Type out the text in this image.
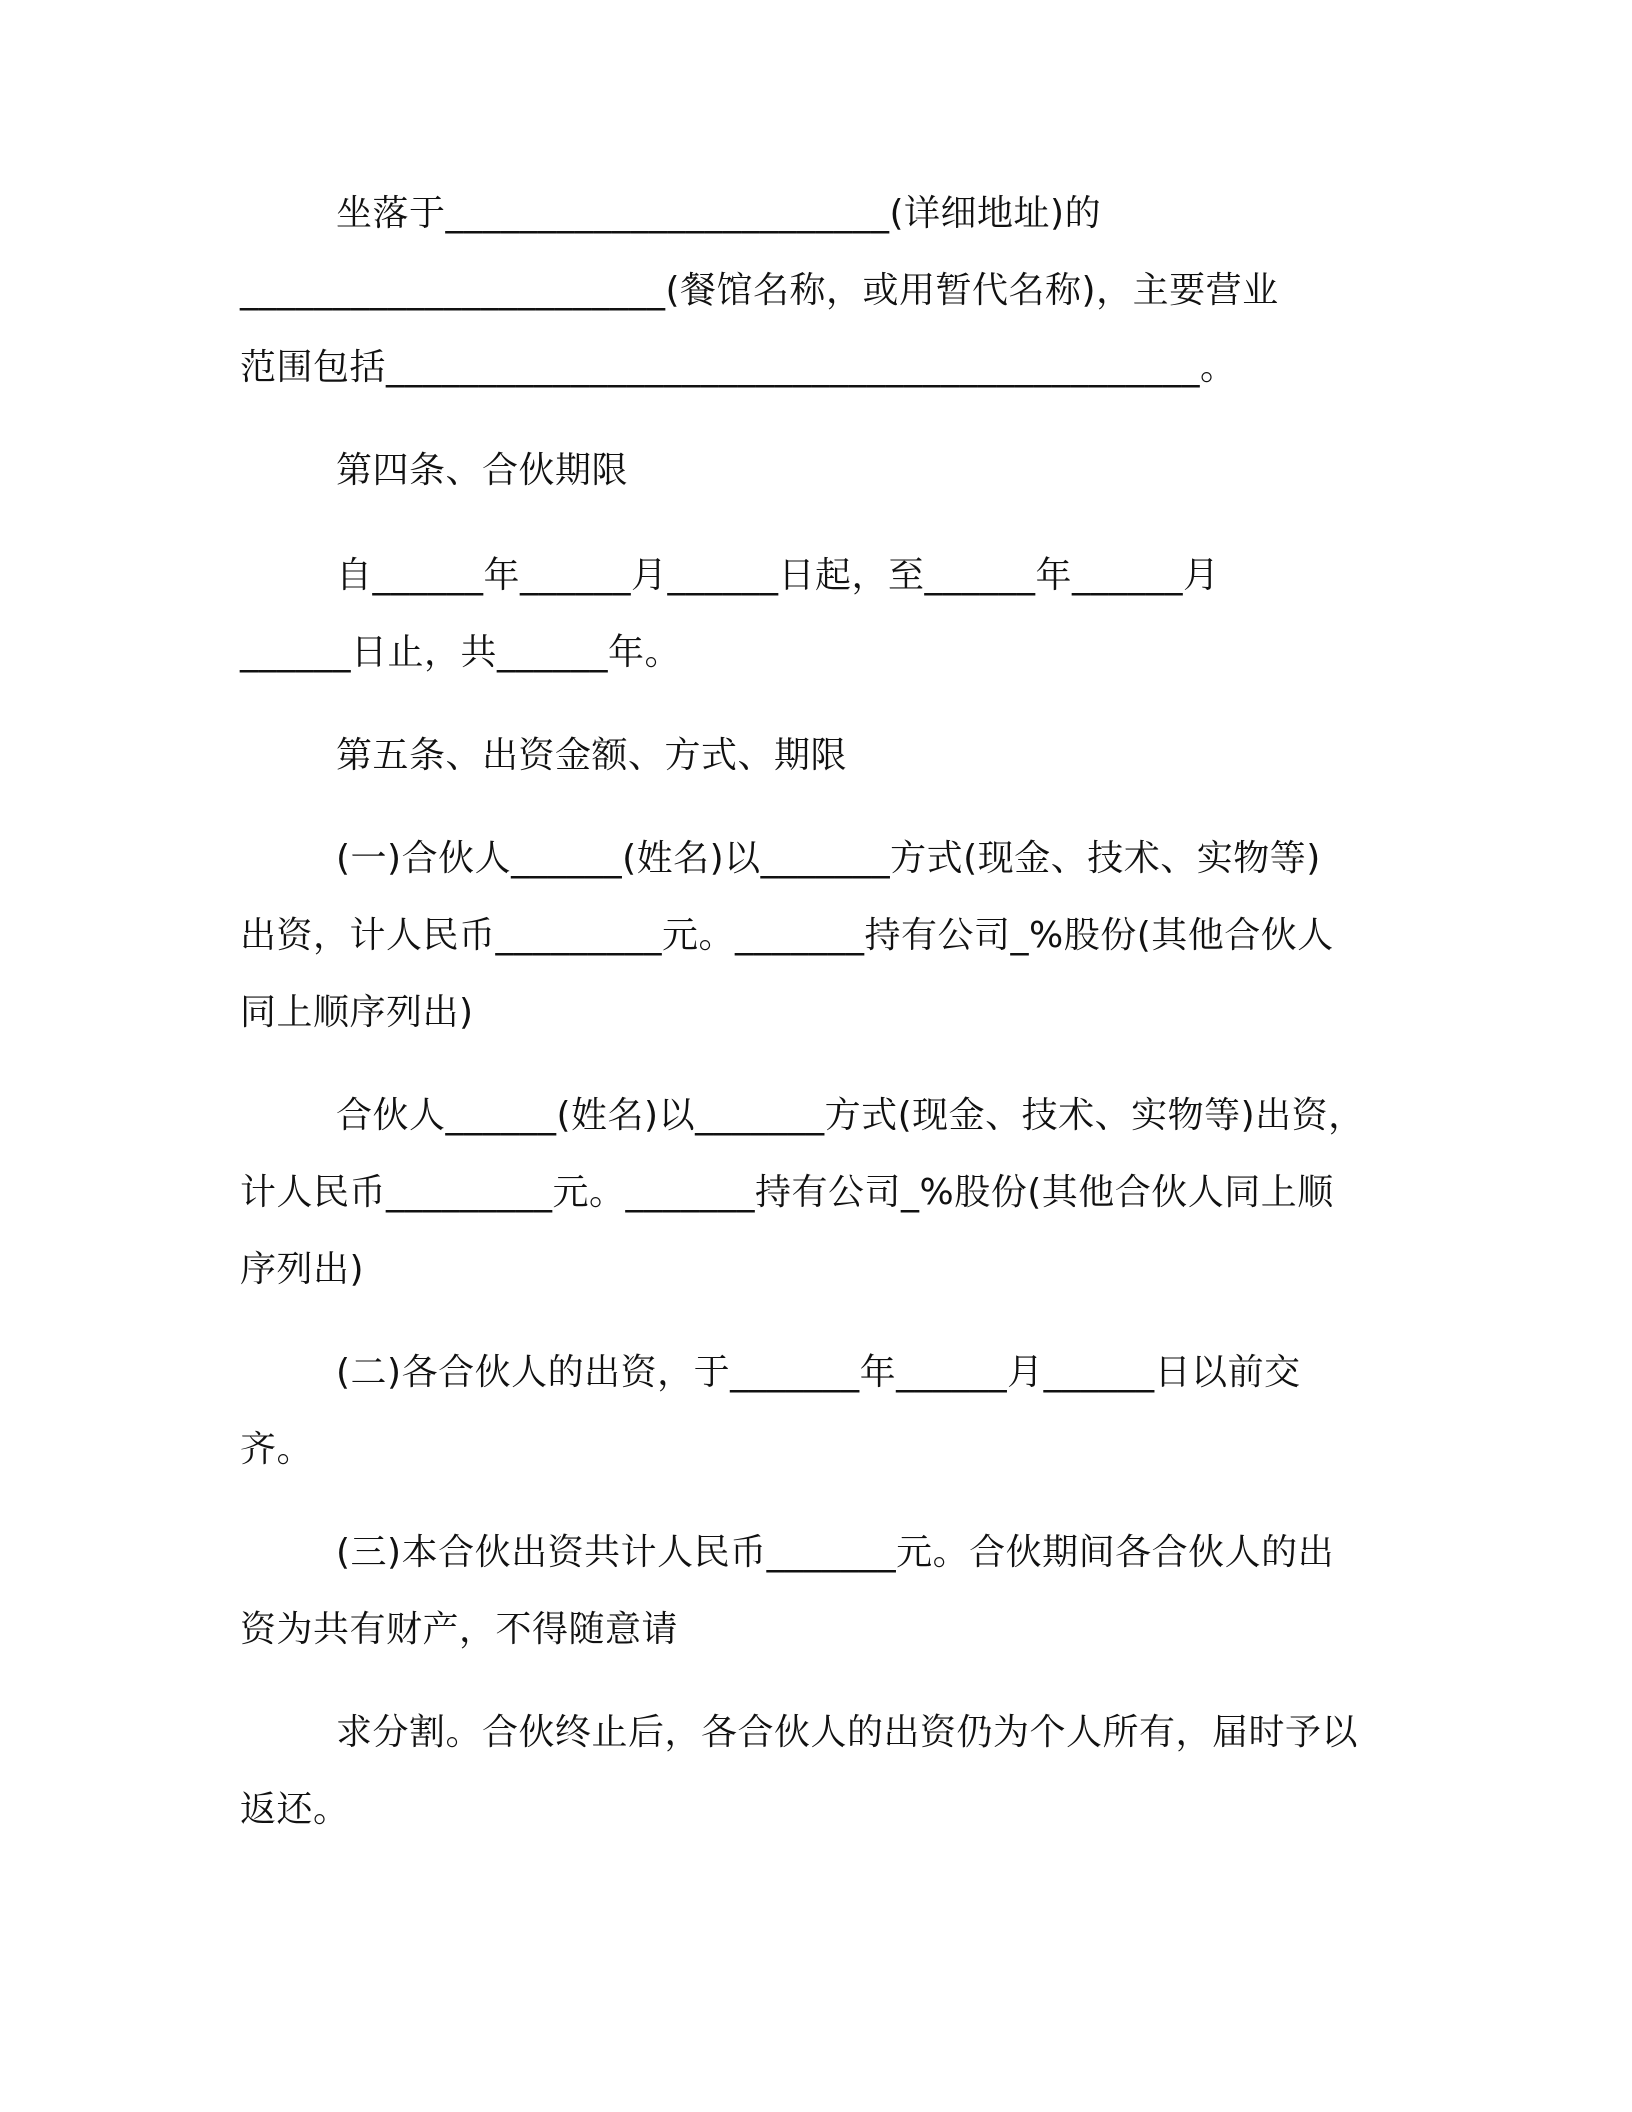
坐落于________________________(详细地址)的
_______________________(餐馆名称，或用暂代名称)，主要营业
范围包括____________________________________________。
第四条、合伙期限
自______年______月______日起，至______年______月
______日止，共______年。
第五条、出资金额、方式、期限
(一)合伙人______(姓名)以_______方式(现金、技术、实物等)
出资，计人民币_________元。_______持有公司_%股份(其他合伙人
同上顺序列出)
合伙人______(姓名)以_______方式(现金、技术、实物等)出资，
计人民币_________元。_______持有公司_%股份(其他合伙人同上顺
序列出)
(二)各合伙人的出资，于_______年______月______日以前交
齐。
(三)本合伙出资共计人民币_______元。合伙期间各合伙人的出
资为共有财产，不得随意请
求分割。合伙终止后，各合伙人的出资仍为个人所有，届时予以
返还。
